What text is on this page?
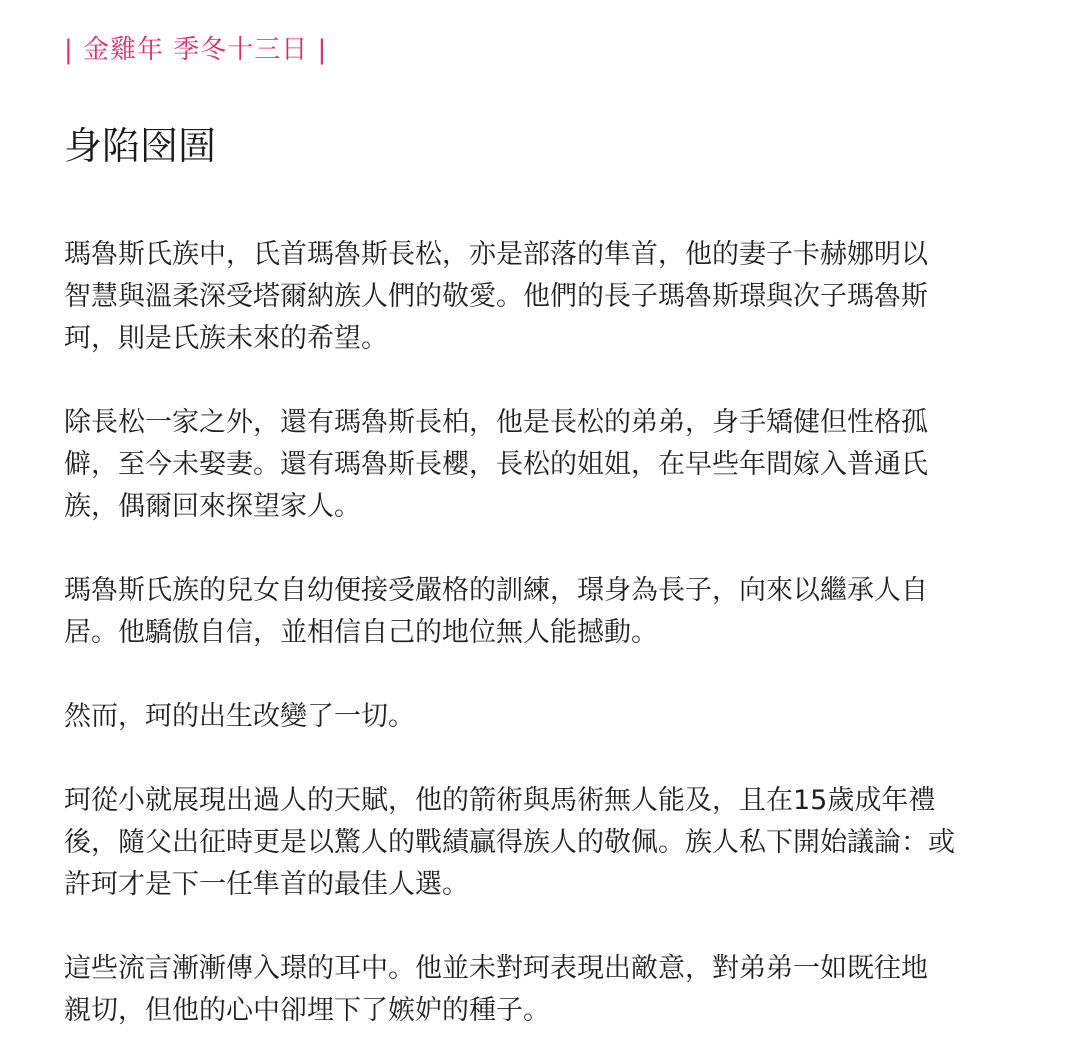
| 金雞年 季冬十三日 |
身陷囹圄

瑪魯斯氏族中，氏首瑪魯斯長松，亦是部落的隼首，他的妻子卡赫娜明以
智慧與溫柔深受塔爾納族人們的敬愛。他們的長子瑪魯斯璟與次子瑪魯斯
珂，則是氏族未來的希望。

除長松一家之外，還有瑪魯斯長柏，他是長松的弟弟，身手矯健但性格孤
僻，至今未娶妻。還有瑪魯斯長櫻，長松的姐姐，在早些年間嫁入普通氏
族，偶爾回來探望家人。

瑪魯斯氏族的兒女自幼便接受嚴格的訓練，璟身為長子，向來以繼承人自
居。他驕傲自信，並相信自己的地位無人能撼動。

然而，珂的出生改變了一切。

珂從小就展現出過人的天賦，他的箭術與馬術無人能及，且在15歲成年禮
後，隨父出征時更是以驚人的戰績贏得族人的敬佩。族人私下開始議論：或
許珂才是下一任隼首的最佳人選。

這些流言漸漸傳入璟的耳中。他並未對珂表現出敵意，對弟弟一如既往地
親切，但他的心中卻埋下了嫉妒的種子。
